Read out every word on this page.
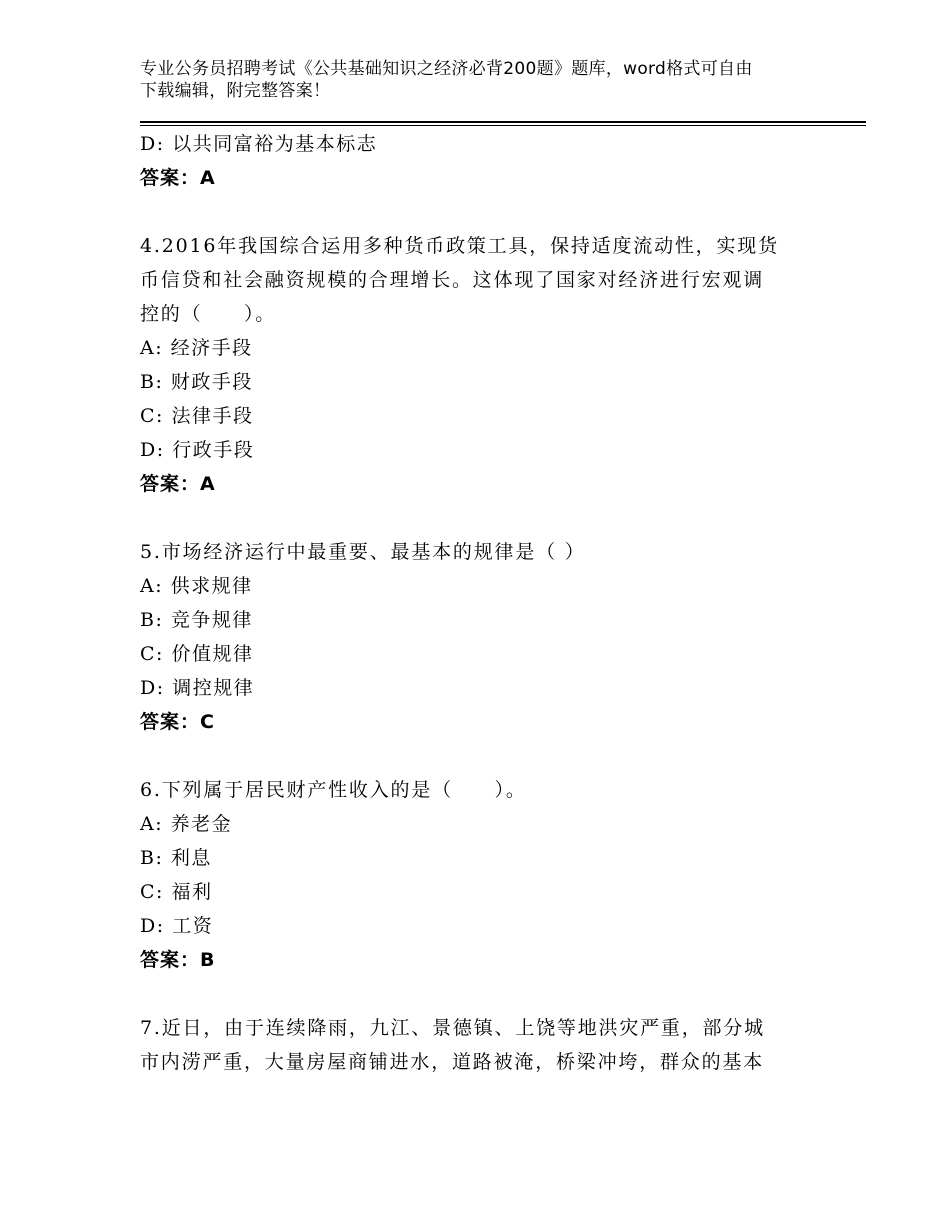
专业公务员招聘考试《公共基础知识之经济必背200题》题库，word格式可自由
下载编辑，附完整答案！
D: 以共同富裕为基本标志
答案：A
4.2016年我国综合运用多种货币政策工具，保持适度流动性，实现货
币信贷和社会融资规模的合理增长。这体现了国家对经济进行宏观调
控的（　　）。
A: 经济手段
B: 财政手段
C: 法律手段
D: 行政手段
答案：A
5.市场经济运行中最重要、最基本的规律是（ ）
A: 供求规律
B: 竞争规律
C: 价值规律
D: 调控规律
答案：C
6.下列属于居民财产性收入的是（　　）。
A: 养老金
B: 利息
C: 福利
D: 工资
答案：B
7.近日，由于连续降雨，九江、景德镇、上饶等地洪灾严重，部分城
市内涝严重，大量房屋商铺进水，道路被淹，桥梁冲垮，群众的基本
